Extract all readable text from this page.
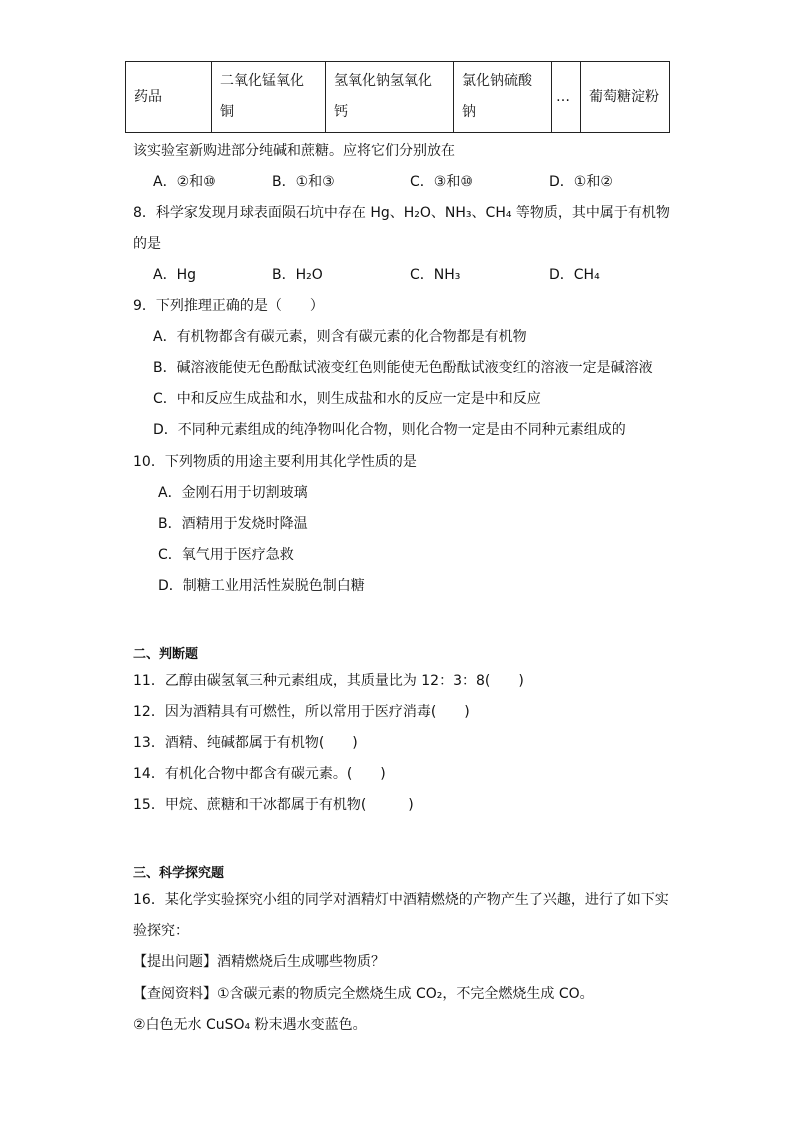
药品	二氧化锰氧化铜	氢氧化钠氢氧化钙	氯化钠硫酸钠	…	葡萄糖淀粉
该实验室新购进部分纯碱和蔗糖。应将它们分别放在
A．②和⑩	B．①和③	C．③和⑩	D．①和②
8．科学家发现月球表面陨石坑中存在 Hg、H₂O、NH₃、CH₄ 等物质，其中属于有机物
的是
A．Hg	B．H₂O	C．NH₃	D．CH₄
9．下列推理正确的是（　　）
A．有机物都含有碳元素，则含有碳元素的化合物都是有机物
B．碱溶液能使无色酚酞试液变红色则能使无色酚酞试液变红的溶液一定是碱溶液
C．中和反应生成盐和水，则生成盐和水的反应一定是中和反应
D．不同种元素组成的纯净物叫化合物，则化合物一定是由不同种元素组成的
10．下列物质的用途主要利用其化学性质的是
A．金刚石用于切割玻璃
B．酒精用于发烧时降温
C．氧气用于医疗急救
D．制糖工业用活性炭脱色制白糖
二、判断题
11．乙醇由碳氢氧三种元素组成，其质量比为 12：3：8(　　)
12．因为酒精具有可燃性，所以常用于医疗消毒(　　)
13．酒精、纯碱都属于有机物(　　)
14．有机化合物中都含有碳元素。(　　)
15．甲烷、蔗糖和干冰都属于有机物(　　　)
三、科学探究题
16．某化学实验探究小组的同学对酒精灯中酒精燃烧的产物产生了兴趣，进行了如下实
验探究：
【提出问题】酒精燃烧后生成哪些物质？
【查阅资料】①含碳元素的物质完全燃烧生成 CO₂，不完全燃烧生成 CO。
②白色无水 CuSO₄ 粉末遇水变蓝色。
